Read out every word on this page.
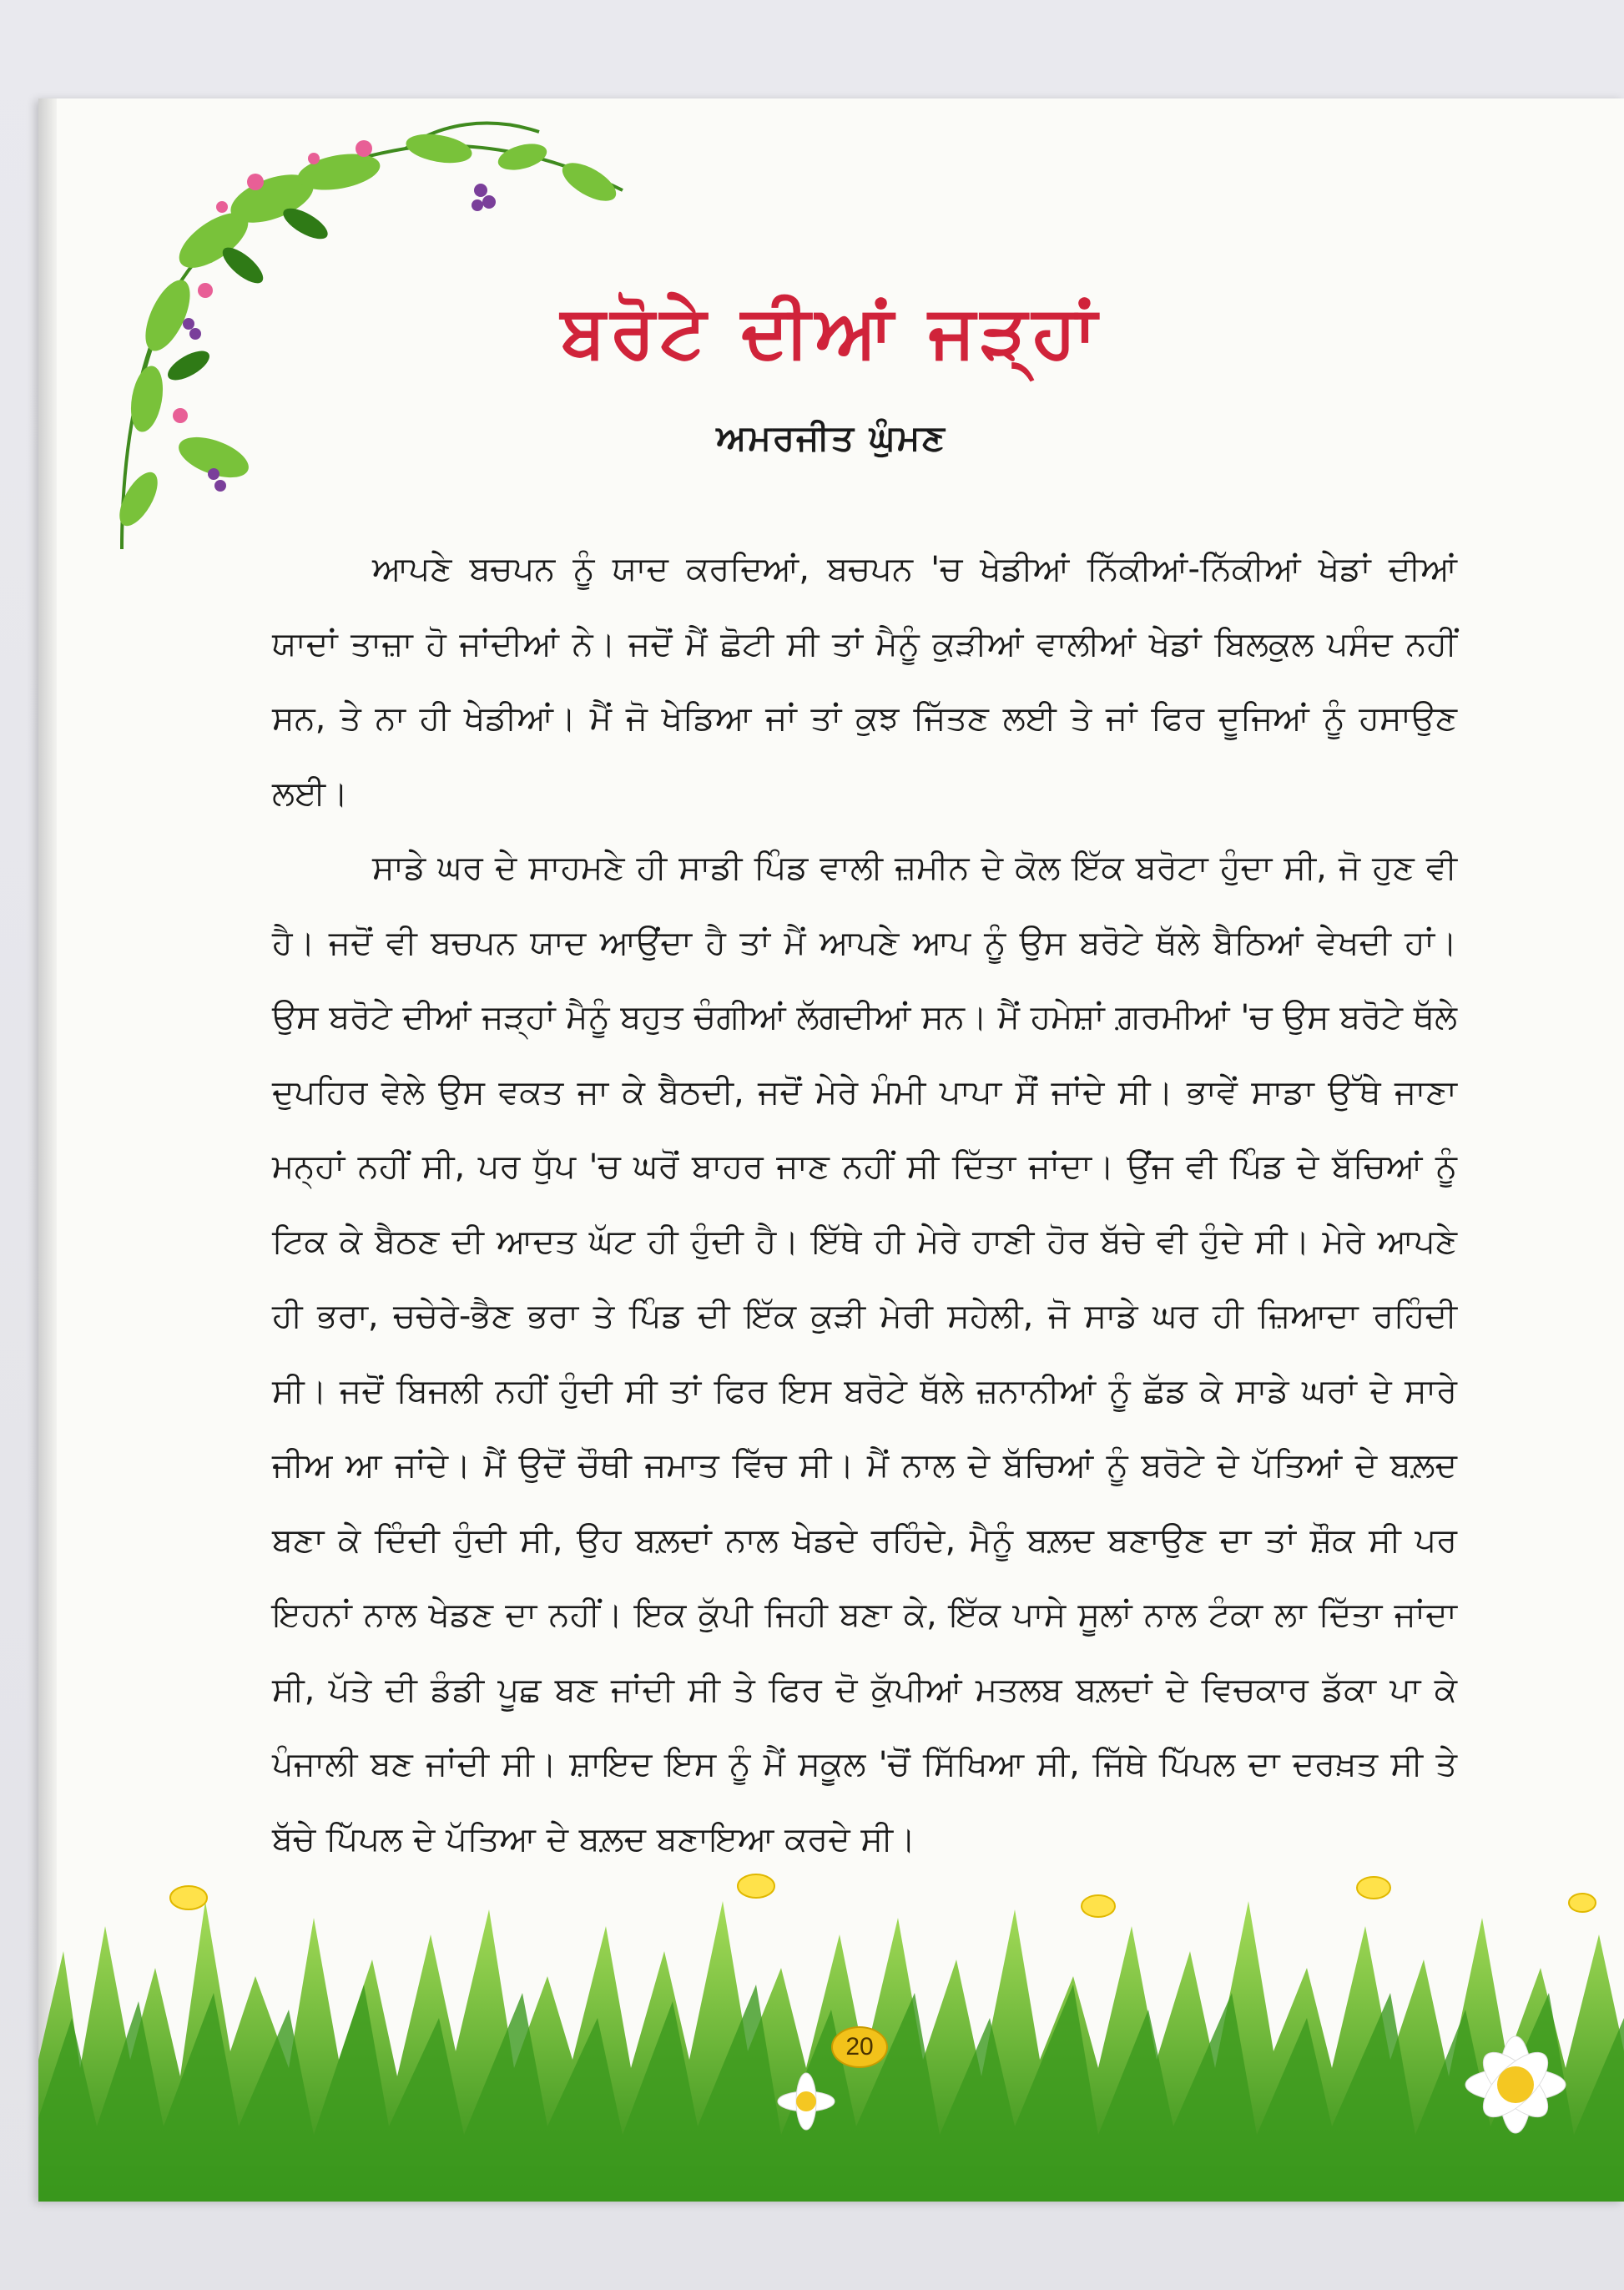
ਬਰੋਟੇ ਦੀਆਂ ਜੜ੍ਹਾਂ
ਅਮਰਜੀਤ ਘੁੰਮਣ

ਆਪਣੇ ਬਚਪਨ ਨੂੰ ਯਾਦ ਕਰਦਿਆਂ, ਬਚਪਨ 'ਚ ਖੇਡੀਆਂ ਨਿੱਕੀਆਂ-ਨਿੱਕੀਆਂ ਖੇਡਾਂ ਦੀਆਂ ਯਾਦਾਂ ਤਾਜ਼ਾ ਹੋ ਜਾਂਦੀਆਂ ਨੇ। ਜਦੋਂ ਮੈਂ ਛੋਟੀ ਸੀ ਤਾਂ ਮੈਨੂੰ ਕੁੜੀਆਂ ਵਾਲੀਆਂ ਖੇਡਾਂ ਬਿਲਕੁਲ ਪਸੰਦ ਨਹੀਂ ਸਨ, ਤੇ ਨਾ ਹੀ ਖੇਡੀਆਂ। ਮੈਂ ਜੋ ਖੇਡਿਆ ਜਾਂ ਤਾਂ ਕੁਝ ਜਿੱਤਣ ਲਈ ਤੇ ਜਾਂ ਫਿਰ ਦੂਜਿਆਂ ਨੂੰ ਹਸਾਉਣ ਲਈ।

ਸਾਡੇ ਘਰ ਦੇ ਸਾਹਮਣੇ ਹੀ ਸਾਡੀ ਪਿੰਡ ਵਾਲੀ ਜ਼ਮੀਨ ਦੇ ਕੋਲ ਇੱਕ ਬਰੋਟਾ ਹੁੰਦਾ ਸੀ, ਜੋ ਹੁਣ ਵੀ ਹੈ। ਜਦੋਂ ਵੀ ਬਚਪਨ ਯਾਦ ਆਉਂਦਾ ਹੈ ਤਾਂ ਮੈਂ ਆਪਣੇ ਆਪ ਨੂੰ ਉਸ ਬਰੋਟੇ ਥੱਲੇ ਬੈਠਿਆਂ ਵੇਖਦੀ ਹਾਂ। ਉਸ ਬਰੋਟੇ ਦੀਆਂ ਜੜ੍ਹਾਂ ਮੈਨੂੰ ਬਹੁਤ ਚੰਗੀਆਂ ਲੱਗਦੀਆਂ ਸਨ। ਮੈਂ ਹਮੇਸ਼ਾਂ ਗ਼ਰਮੀਆਂ 'ਚ ਉਸ ਬਰੋਟੇ ਥੱਲੇ ਦੁਪਹਿਰ ਵੇਲੇ ਉਸ ਵਕਤ ਜਾ ਕੇ ਬੈਠਦੀ, ਜਦੋਂ ਮੇਰੇ ਮੰਮੀ ਪਾਪਾ ਸੌਂ ਜਾਂਦੇ ਸੀ। ਭਾਵੇਂ ਸਾਡਾ ਉੱਥੇ ਜਾਣਾ ਮਨ੍ਹਾਂ ਨਹੀਂ ਸੀ, ਪਰ ਧੁੱਪ 'ਚ ਘਰੋਂ ਬਾਹਰ ਜਾਣ ਨਹੀਂ ਸੀ ਦਿੱਤਾ ਜਾਂਦਾ। ਉਂਜ ਵੀ ਪਿੰਡ ਦੇ ਬੱਚਿਆਂ ਨੂੰ ਟਿਕ ਕੇ ਬੈਠਣ ਦੀ ਆਦਤ ਘੱਟ ਹੀ ਹੁੰਦੀ ਹੈ। ਇੱਥੇ ਹੀ ਮੇਰੇ ਹਾਣੀ ਹੋਰ ਬੱਚੇ ਵੀ ਹੁੰਦੇ ਸੀ। ਮੇਰੇ ਆਪਣੇ ਹੀ ਭਰਾ, ਚਚੇਰੇ-ਭੈਣ ਭਰਾ ਤੇ ਪਿੰਡ ਦੀ ਇੱਕ ਕੁੜੀ ਮੇਰੀ ਸਹੇਲੀ, ਜੋ ਸਾਡੇ ਘਰ ਹੀ ਜ਼ਿਆਦਾ ਰਹਿੰਦੀ ਸੀ। ਜਦੋਂ ਬਿਜਲੀ ਨਹੀਂ ਹੁੰਦੀ ਸੀ ਤਾਂ ਫਿਰ ਇਸ ਬਰੋਟੇ ਥੱਲੇ ਜ਼ਨਾਨੀਆਂ ਨੂੰ ਛੱਡ ਕੇ ਸਾਡੇ ਘਰਾਂ ਦੇ ਸਾਰੇ ਜੀਅ ਆ ਜਾਂਦੇ। ਮੈਂ ਉਦੋਂ ਚੌਥੀ ਜਮਾਤ ਵਿੱਚ ਸੀ। ਮੈਂ ਨਾਲ ਦੇ ਬੱਚਿਆਂ ਨੂੰ ਬਰੋਟੇ ਦੇ ਪੱਤਿਆਂ ਦੇ ਬਲ਼ਦ ਬਣਾ ਕੇ ਦਿੰਦੀ ਹੁੰਦੀ ਸੀ, ਉਹ ਬਲ਼ਦਾਂ ਨਾਲ ਖੇਡਦੇ ਰਹਿੰਦੇ, ਮੈਨੂੰ ਬਲ਼ਦ ਬਣਾਉਣ ਦਾ ਤਾਂ ਸ਼ੌਕ ਸੀ ਪਰ ਇਹਨਾਂ ਨਾਲ ਖੇਡਣ ਦਾ ਨਹੀਂ। ਇਕ ਕੁੱਪੀ ਜਿਹੀ ਬਣਾ ਕੇ, ਇੱਕ ਪਾਸੇ ਸੂਲਾਂ ਨਾਲ ਟੰਕਾ ਲਾ ਦਿੱਤਾ ਜਾਂਦਾ ਸੀ, ਪੱਤੇ ਦੀ ਡੰਡੀ ਪੂਛ ਬਣ ਜਾਂਦੀ ਸੀ ਤੇ ਫਿਰ ਦੋ ਕੁੱਪੀਆਂ ਮਤਲਬ ਬਲ਼ਦਾਂ ਦੇ ਵਿਚਕਾਰ ਡੱਕਾ ਪਾ ਕੇ ਪੰਜਾਲੀ ਬਣ ਜਾਂਦੀ ਸੀ। ਸ਼ਾਇਦ ਇਸ ਨੂੰ ਮੈਂ ਸਕੂਲ 'ਚੋਂ ਸਿੱਖਿਆ ਸੀ, ਜਿੱਥੇ ਪਿੱਪਲ ਦਾ ਦਰਖ਼ਤ ਸੀ ਤੇ ਬੱਚੇ ਪਿੱਪਲ ਦੇ ਪੱਤਿਆ ਦੇ ਬਲ਼ਦ ਬਣਾਇਆ ਕਰਦੇ ਸੀ।

20
